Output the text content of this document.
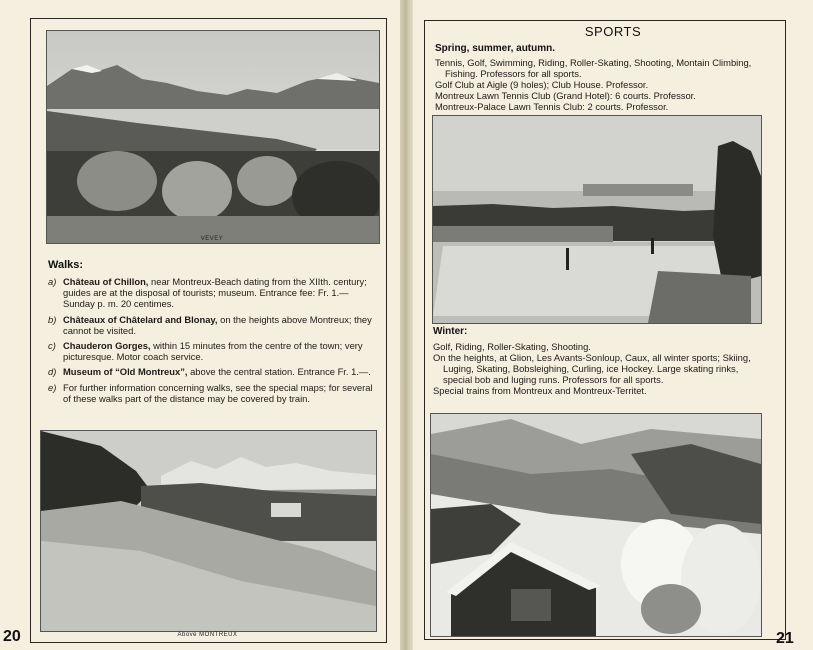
VEVEY
Walks:
a) Château of Chillon, near Montreux-Beach dating from the XIIth. century; guides are at the disposal of tourists; museum. Entrance fee: Fr. 1.— Sunday p. m. 20 centimes.
b) Châteaux of Châtelard and Blonay, on the heights above Montreux; they cannot be visited.
c) Chauderon Gorges, within 15 minutes from the centre of the town; very picturesque. Motor coach service.
d) Museum of “Old Montreux”, above the central station. Entrance Fr. 1.—.
e) For further information concerning walks, see the special maps; for several of these walks part of the distance may be covered by train.
Above MONTREUX
20
SPORTS
Spring, summer, autumn.

Tennis, Golf, Swimming, Riding, Roller-Skating, Shooting, Montain Climbing, Fishing. Professors for all sports.

Golf Club at Aigle (9 holes); Club House. Professor.

Montreux Lawn Tennis Club (Grand Hotel): 6 courts. Professor.

Montreux-Palace Lawn Tennis Club: 2 courts. Professor.

Winter:

Golf, Riding, Roller-Skating, Shooting.

On the heights, at Glion, Les Avants-Sonloup, Caux, all winter sports; Skiing, Luging, Skating, Bobsleighing, Curling, ice Hockey. Large skating rinks, special bob and luging runs. Professors for all sports.

Special trains from Montreux and Montreux-Territet.

21
